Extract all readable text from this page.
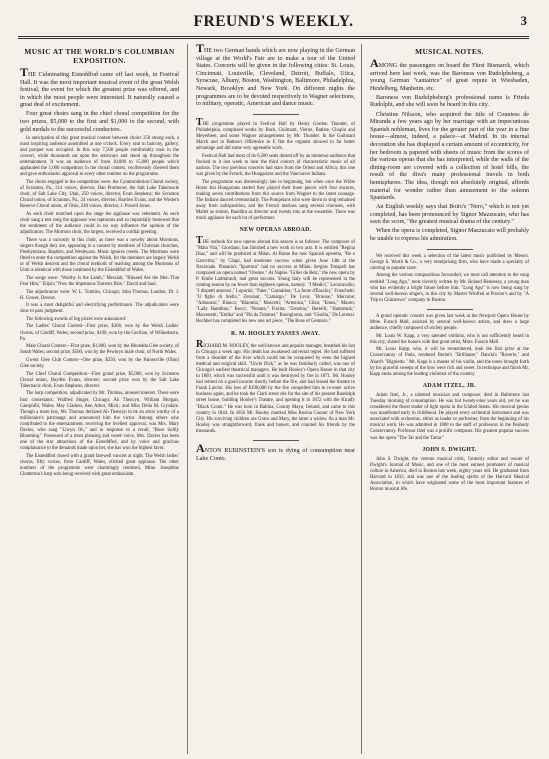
FREUND'S WEEKLY.	3
MUSIC AT THE WORLD'S COLUMBIAN EXPOSITION.

THE Culminating Eisteddfod came off last week, in Festival Hall. It was the most important musical event of the great Welsh festival, the event for which the greatest prize was offered, and in which the most people were interested. It naturally caused a great deal of excitement.

Four great choirs sang in the chief choral competition for the two prizes, $5,000 to the first and $1,000 to the second, with gold medals to the successful conductors.

In anticipation of this great musical contest between choirs 250 strong each, a most inspiring audience assembled at one o'clock. Every seat in balcony, gallery, and parquet was occupied. In this way 7,500 people comfortably took in the concert, while thousands sat upon the stairways and stood up throughout the entertainment. It was an audience of from 10,000 to 15,000 people which applauded the 1,000 competitors in the choral contest, vociferously cheered them and gave enthusiastic approval to every other number on the programme.

The choirs engaged in the competition were: the Cymmrodorion Choral society, of Scranton, Pa., 214 voices, director, Dan Protheroe; the Salt Lake Tabernacle choir, of Salt Lake City, Utah, 250 voices, director, Evan Stephens; the Scranton Choral union, of Scranton, Pa., 24 voices, director, Hayden Evans, and the Western Reserve Choral union, of Ohio, 240 voices, director, J. Powell Jones.

As each choir marched upon the stage the applause was vehement. As each choir sang a test song the applause was rapturous and so impartially bestowed that the sentiment of the audience could in no way influence the opinion of the adjudicators. The Mormon choir, the largest, received a cordial greeting.

There was a curiosity in this choir, as there was a novelty about Mormons, singers though they are, appearing in a contest by members of Christian churches, Presbyterians, Baptists, and Wesleyans. Music ignores creeds. The Mormons were fitted to enter the competition against the Welsh, for the members are largely Welsh or of Welsh descent and the choral methods of teaching among the Mormons of Utah is identical with those instituted by the Eisteddfod of Wales.

The songs were: "Worthy Is the Lamb," Messiah; "Blessed Are the Men That Fear Him," Elijah; "Now the Impetuous Torrents Rise," David and Saul.

The adjudicators were: W. L. Tomlins, Chicago; John Thomas, London; Dr. J. H. Gower, Denver.

It was a most delightful and electrifying performance. The adjudicators were slow to pass judgment.

The following awards of big prizes were announced:

The Ladies' Choral Contest—First prize, $300, won by the Welsh Ladies' chorus, of Cardiff, Wales; second prize, $100, won by the Cecilian, of Wilkesbarre, Pa.

Male Choral Contest—First prize, $1,000, won by the Rhondda Glee society, of South Wales; second prize, $500, won by the Pewhryn male choir, of North Wales.

Gwent Glee Club Contest—One prize, $250, won by the Painesville (Ohio) Glee society.

The Chief Choral Competition—First grand prize, $5,000, won by Scranton Choral union, Hayden Evans, director; second prize won by the Salt Lake Tabernacle choir, Evan Stephens, director.

The harp competition, adjudicated by Mr. Thomas, aroused interest. There were four contestants: Walfred Singer, Chicago; Ab Thencyn, William Morgan, Caerphilli, Wales; May Clarken, Ann Arbor, Mich.; and Miss Delia M. Crysdale. Though a mere boy, Mr. Thomas declared Ab Thencyn to be an artist worthy of a millionaire's patronage and announced him the victor. Among others who contributed to the entertainment, receiving the liveliest approval, was Mrs. Mary Davies, who sang "Llwyn On," and in response to a recall, "Rose Softly Blooming." Possessed of a most pleasing and sweet voice, Mrs. Davies has been one of the star attractions of the Eisteddfod, and by voice and gracious complaisance to the demands made upon her, she has won the highest favor.

The Eisteddfod closed with a grand farewell concert at night. The Welsh ladies' chorus, fifty voices, from Cardiff, Wales, elicited great applause. The other numbers of the programme were charmingly rendered, Mme. Josephine Chatterton's harp solo being received with great enthusiasm.

THE two German bands which are now playing in the German village at the World's Fair are to make a tour of the United States. Concerts will be given in the following cities: St. Louis, Cincinnati, Louisville, Cleveland, Detroit, Buffalo, Utica, Syracuse, Albany, Boston, Washington, Baltimore, Philadelphia, Newark, Brooklyn and New York. On different nights the programmes are to be devoted respectively to Wagner selections, to military, operatic, American and dance music.

THE programme played in Festival Hall by Henry Gordon Thunder, of Philadelphia, comprised works by Bach, Guilmant, Vierne, Batiste, Chopin and Meyerbeer, and some Wagner arrangements by Mr. Thunder. In the Guilmant March and in Batiste's Offertoire in E flat the organist showed to far better advantage and did some very agreeable work.

Festival Hall had most of its 6,500 seats dusted off by an immense audience that flocked to it last week to hear the third concert of characteristic music of all nations. The two previous concerts had stars from the Orient and Africa; this one was given by the French, the Hungarians and the Vancouver Indians.

The programme was distressingly late in beginning, but when once the White Horse Inn Hungarians started they played their three pieces with four encores, making seven contributions from this source from Wagner to the latest coonage. The Indians danced ceremonially. The Pompeians who were down to sing remained away from indisposition, and the French marines sang several choruses, with Mallet as soloist, Baudilot as director and twenty tots as the ensemble. There was much applause for each lot of performers.

NEW OPERAS ABROAD.

THE outlook for new operas abroad this season is as follows: The composer of "Mala Vita," Giordano, has finished a new work in two acts. It is entitled "Regina Diaz," and will be produced at Milan. At Rome the new Spanish operetta, "Re e Garovitto," by Chapi, had moderate success when given June 14th at the Nazionale. Platania's "Spartaco" had no success at Milan. Sergius Tonapell has composed an opera named "Orestes." At Naples "Gilles de Retz," the new opera by P. Emile Ladmirault, had great success. Young Italy will be represented in the coming season by no fewer than eighteen operas, namely: "I Medici," Leoncavallo; "I dispetti amorosi," Luporini; "Pater," Gastaldon; "La fonte d'Enschir," Franchetti; "Il figlio di Stella," Zerolani; "Camargo," De Leva; "Bruone," Marcone; "Almanzor," Bianco; "Blaomia," Mascetti; "Artemisa," Cilea; "Emea," Mauro; "Lady Hamilton," Bocci; "Nunuta," Fiorita; "Zenobia," Bertelli; "Hamsmuk," Marcenetti; "Etelka" and "Più da Tolomei," Buongiorno, and "Gisella," De Lorenzi. Bochher has completed his new one act piece, "The Rose of Gennaro."

R. M. HOOLEY PASSES AWAY.

RICHARD M. HOOLEY, the well-known and popular manager, breathed his last in Chicago a week ago. His death has awakened universal regret. He had suffered from a disorder of the liver which could not be conquered by even the highest medical and surgical skill. "Uncle Dick," as he was familiarly called, was one of Chicago's earliest theatrical managers. He built Hooley's Opera House in that city in 1869, which was successful until it was destroyed by fire in 1871. Mr. Hooley had retired on a good income shortly before the fire, and had leased the theatre to Frank Lawlor. His loss of $190,000 by the fire compelled him to re-enter active business again, and he took the Clark street site for the site of his present Randolph street house, building Hooley's Theatre, and opening it in 1872 with the Kiralfy "Black Crook." He was born in Ballina, County Mayo, Ireland, and came to this country in 1844. In 1856 Mr. Hooley married Miss Rosina Connor of New York City. His surviving children are Grace and Mary, the latter a widow. As a man Mr. Hooley was straightforward, frank and honest, and counted his friends by the thousands.

ANTON RUBINSTEIN'S son is dying of consumption near Lake Como.

MUSICAL NOTES.

AMONG the passengers on board the Fürst Bismarck, which arrived here last week, was the Baroness von Rudolphsberg, a young German "cantatrice" of great repute in Wiesbaden, Heidelberg, Manheim, etc.

Baroness von Rudolphsberg's professional name is Frieda Rudolphi, and she will soon be heard in this city.

Christine Nilsson, who acquired the title of Countess de Miranda a few years ago by her marriage with an impecunious Spanish nobleman, lives for the greater part of the year in a fine house—almost, indeed, a palace—at Madrid. In its internal decoration she has displayed a certain amount of eccentricity, for her bedroom is papered with sheets of music from the scores of the various operas that she has interpreted, while the walls of the dining-room are covered with a collection of hotel bills, the result of the diva's many professional travels in both hemispheres. The idea, though not absolutely original, affords material for wonder rather than amusement to the solemn Spaniards.

An English weekly says that Boito's "Nero," which is not yet completed, has been pronounced by Signor Mazzucato, who has seen the score, "the greatest musical drama of the century."

When the opera is completed, Signor Mazzucato will probably be unable to express his admiration.

We received this week a selection of the latest music published by Messrs. George S. Worth & Co., a very enterprising firm, who have made a specialty of catering to popular taste.

Among the various compositions forwarded, we must call attention to the song entitled "Long Ago," most cleverly written by Mr. Roland Hennessy, a young man who has evidently a bright future before him. "Long Ago" is now being sung by several well-known singers, in this city by Master Winfred at Proctor's and by "A Trip to Chinatown" company in Boston.

A grand operatic concert was given last week at the Newport Opera House by Mme. Furach Mall, assisted by several well-known artists, and drew a large audience, chiefly composed of society people.

Mr. Louis W. Kapp, a very talented violinist, who is not sufficiently heard in this city, shared the honors with that great artist, Mme. Furach Mall.

Mr. Louis Kapp, who, it will be remembered, took the first prize at the Conservatory of Paris, rendered Beriot's "Brilliante," Dancla's "Reverie," and Alard's "Rigoletto." Mr. Kapp is a master of his violin, and the tones brought forth by his graceful sweeps of the bow were rich and sweet. In technique and finish Mr. Kapp ranks among the leading violinists of the country.

ADAM ITZEL, JR.

Adam Itzel, Jr., a talented musician and composer, died in Baltimore last Tuesday morning of consumption. He was but twenty-nine years old, yet he was considered the finest leader of light opera in the United States. His musical genius was manifested early in childhood. He played every orchestral instrument and was associated with orchestras, either as leader or performer, from the beginning of his musical work. He was admitted in 1880 to the staff of professors in the Peabody Conservatory. Professor Itzel was a prolific composer. His greatest popular success was the opera "The Tar and the Tartar."

JOHN S. DWIGHT.

John S. Dwight, the veteran musical critic, formerly editor and owner of Dwight's Journal of Music, and one of the most earnest promoters of musical culture in America, died in Boston last week, eighty years old. He graduated from Harvard in 1832, and was one of the leading spirits of the Harvard Musical Association, in which have originated some of the most important features of Boston musical life.
